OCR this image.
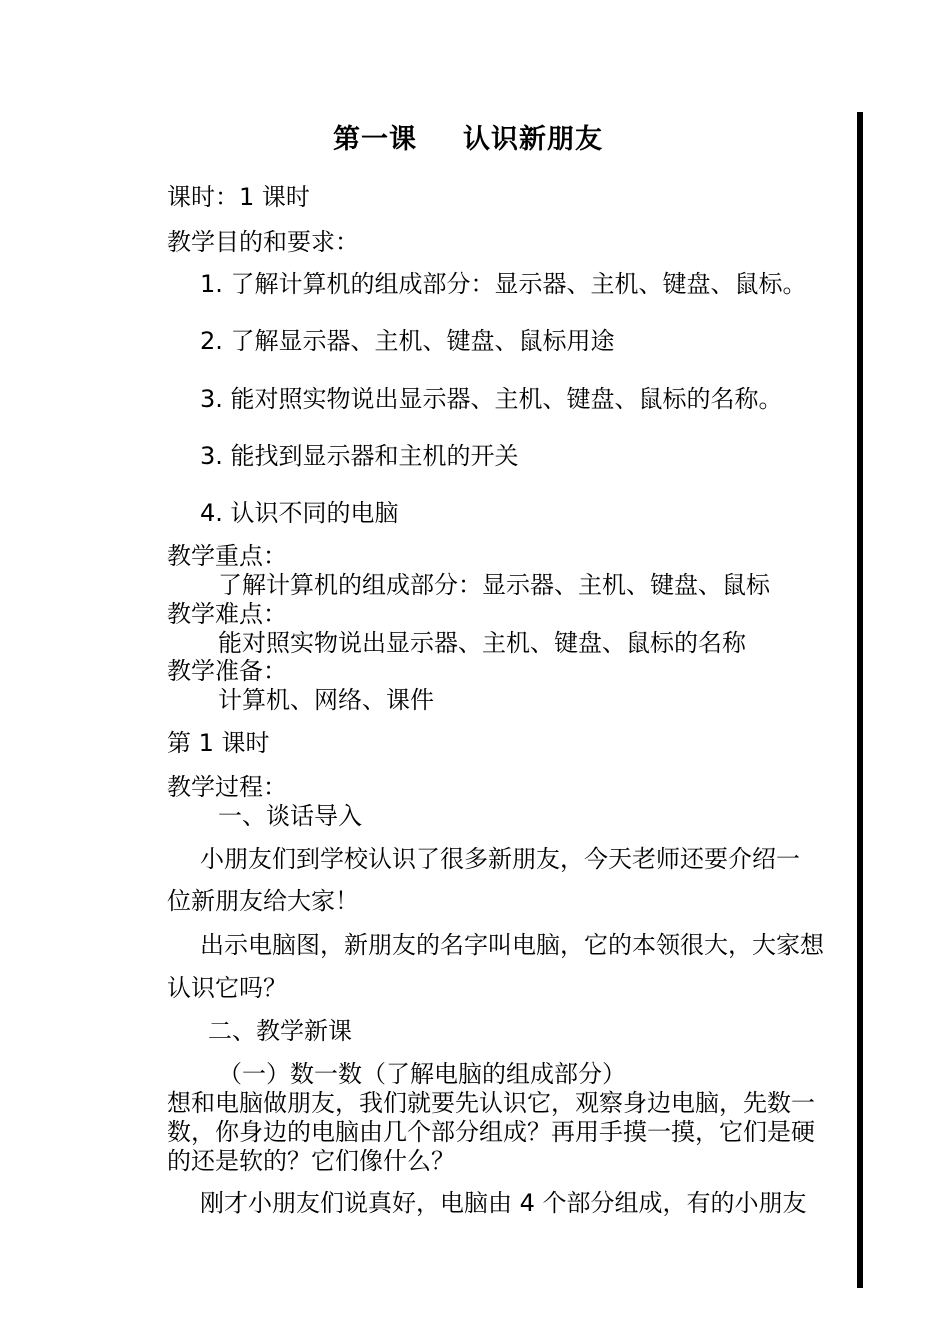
第一课 认识新朋友
课时：1 课时
教学目的和要求：
1. 了解计算机的组成部分：显示器、主机、键盘、鼠标。
2. 了解显示器、主机、键盘、鼠标用途
3. 能对照实物说出显示器、主机、键盘、鼠标的名称。
3. 能找到显示器和主机的开关
4. 认识不同的电脑
教学重点：
了解计算机的组成部分：显示器、主机、键盘、鼠标
教学难点：
能对照实物说出显示器、主机、键盘、鼠标的名称
教学准备：
计算机、网络、课件
第 1 课时
教学过程：
一、谈话导入
小朋友们到学校认识了很多新朋友，今天老师还要介绍一
位新朋友给大家！
出示电脑图，新朋友的名字叫电脑，它的本领很大，大家想
认识它吗？
二、教学新课
（一）数一数（了解电脑的组成部分）
想和电脑做朋友，我们就要先认识它，观察身边电脑，先数一
数，你身边的电脑由几个部分组成？再用手摸一摸，它们是硬
的还是软的？它们像什么？
刚才小朋友们说真好，电脑由 4 个部分组成，有的小朋友
